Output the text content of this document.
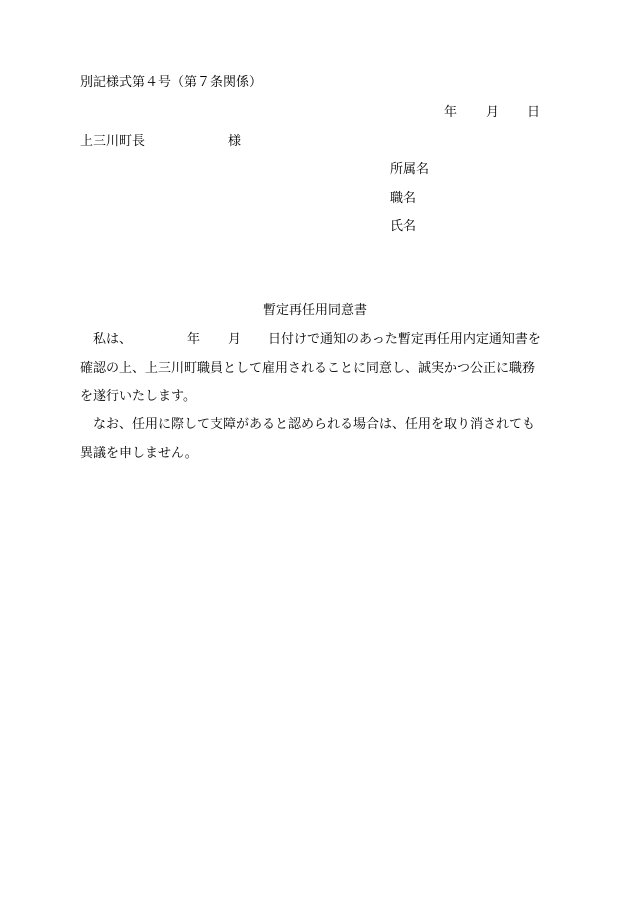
別記様式第４号（第７条関係）
年 月 日
上三川町長	様
所属名
職名
氏名
暫定再任用同意書
私は、	年 月 日付けで通知のあった暫定再任用内定通知書を
確認の上、上三川町職員として雇用されることに同意し、誠実かつ公正に職務
を遂行いたします。
なお、任用に際して支障があると認められる場合は、任用を取り消されても
異議を申しません。
